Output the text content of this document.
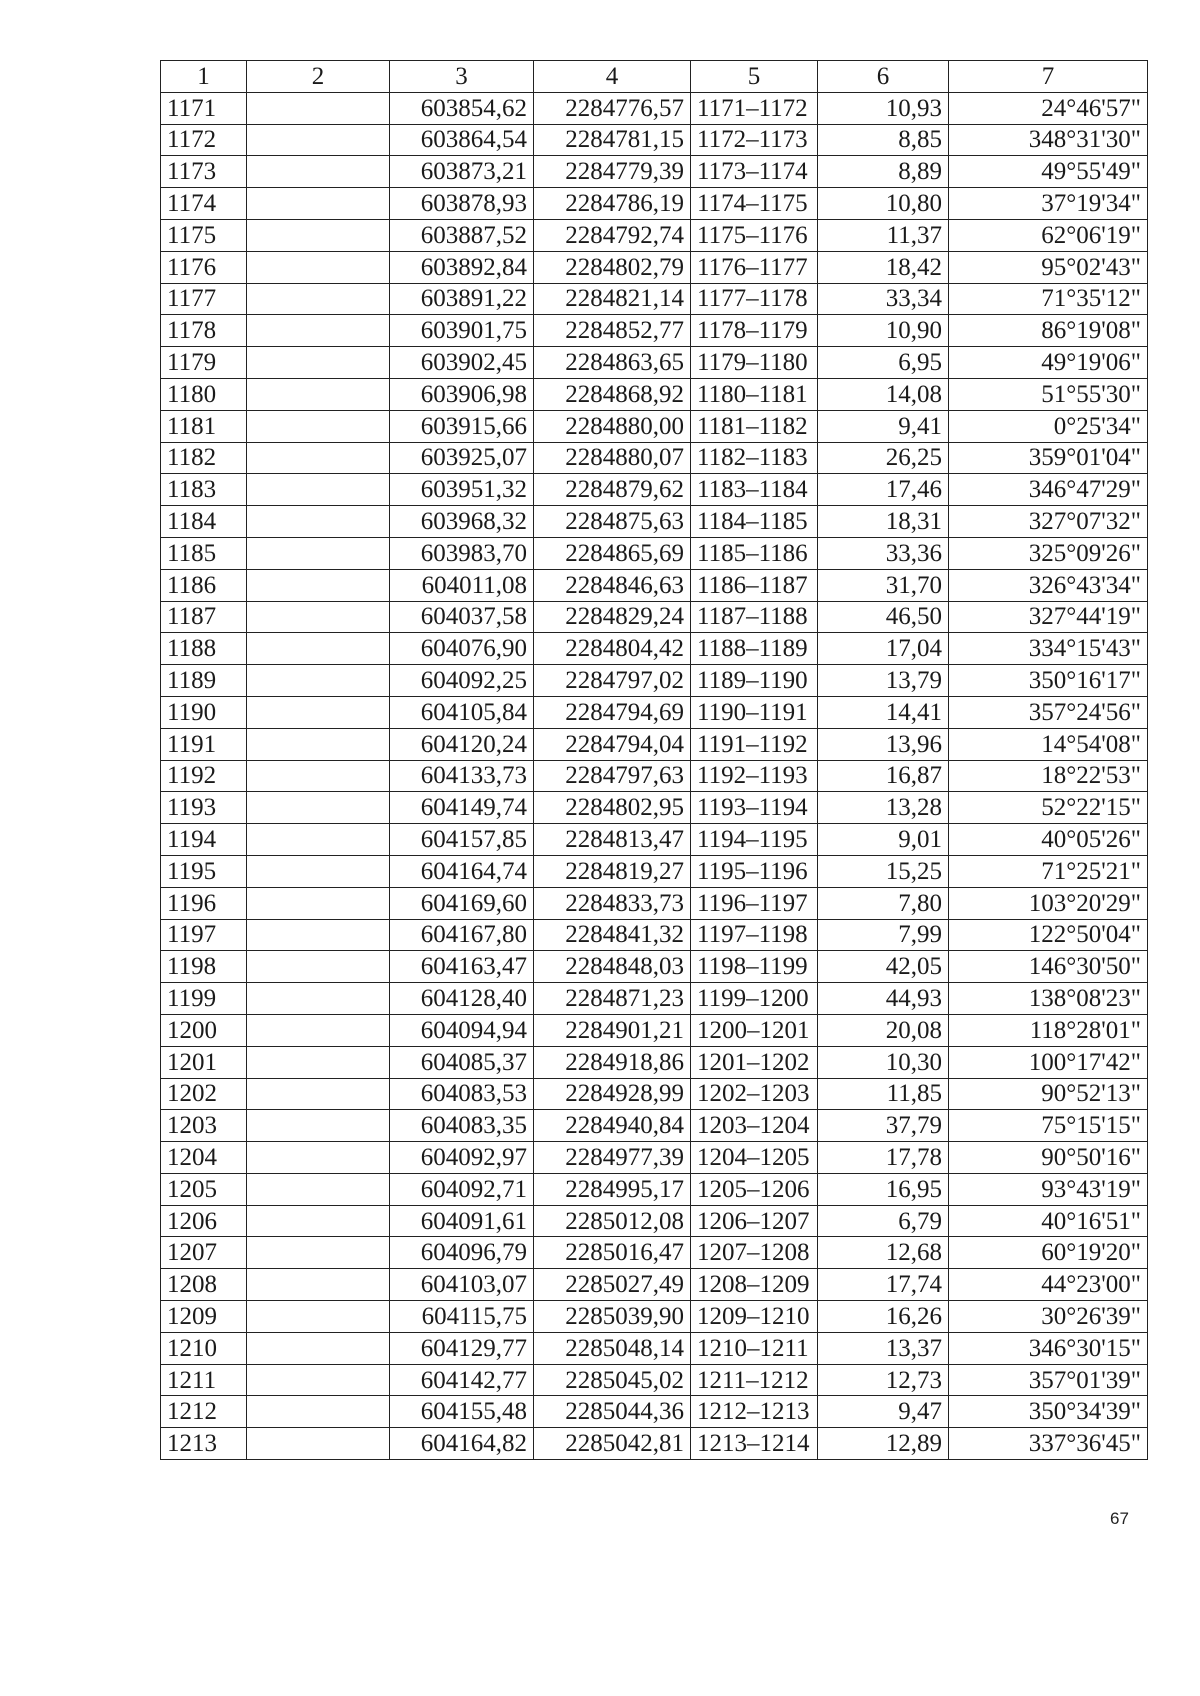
1	2	3	4	5	6	7
1171		603854,62	2284776,57	1171–1172	10,93	24°46'57"
1172		603864,54	2284781,15	1172–1173	8,85	348°31'30"
1173		603873,21	2284779,39	1173–1174	8,89	49°55'49"
1174		603878,93	2284786,19	1174–1175	10,80	37°19'34"
1175		603887,52	2284792,74	1175–1176	11,37	62°06'19"
1176		603892,84	2284802,79	1176–1177	18,42	95°02'43"
1177		603891,22	2284821,14	1177–1178	33,34	71°35'12"
1178		603901,75	2284852,77	1178–1179	10,90	86°19'08"
1179		603902,45	2284863,65	1179–1180	6,95	49°19'06"
1180		603906,98	2284868,92	1180–1181	14,08	51°55'30"
1181		603915,66	2284880,00	1181–1182	9,41	0°25'34"
1182		603925,07	2284880,07	1182–1183	26,25	359°01'04"
1183		603951,32	2284879,62	1183–1184	17,46	346°47'29"
1184		603968,32	2284875,63	1184–1185	18,31	327°07'32"
1185		603983,70	2284865,69	1185–1186	33,36	325°09'26"
1186		604011,08	2284846,63	1186–1187	31,70	326°43'34"
1187		604037,58	2284829,24	1187–1188	46,50	327°44'19"
1188		604076,90	2284804,42	1188–1189	17,04	334°15'43"
1189		604092,25	2284797,02	1189–1190	13,79	350°16'17"
1190		604105,84	2284794,69	1190–1191	14,41	357°24'56"
1191		604120,24	2284794,04	1191–1192	13,96	14°54'08"
1192		604133,73	2284797,63	1192–1193	16,87	18°22'53"
1193		604149,74	2284802,95	1193–1194	13,28	52°22'15"
1194		604157,85	2284813,47	1194–1195	9,01	40°05'26"
1195		604164,74	2284819,27	1195–1196	15,25	71°25'21"
1196		604169,60	2284833,73	1196–1197	7,80	103°20'29"
1197		604167,80	2284841,32	1197–1198	7,99	122°50'04"
1198		604163,47	2284848,03	1198–1199	42,05	146°30'50"
1199		604128,40	2284871,23	1199–1200	44,93	138°08'23"
1200		604094,94	2284901,21	1200–1201	20,08	118°28'01"
1201		604085,37	2284918,86	1201–1202	10,30	100°17'42"
1202		604083,53	2284928,99	1202–1203	11,85	90°52'13"
1203		604083,35	2284940,84	1203–1204	37,79	75°15'15"
1204		604092,97	2284977,39	1204–1205	17,78	90°50'16"
1205		604092,71	2284995,17	1205–1206	16,95	93°43'19"
1206		604091,61	2285012,08	1206–1207	6,79	40°16'51"
1207		604096,79	2285016,47	1207–1208	12,68	60°19'20"
1208		604103,07	2285027,49	1208–1209	17,74	44°23'00"
1209		604115,75	2285039,90	1209–1210	16,26	30°26'39"
1210		604129,77	2285048,14	1210–1211	13,37	346°30'15"
1211		604142,77	2285045,02	1211–1212	12,73	357°01'39"
1212		604155,48	2285044,36	1212–1213	9,47	350°34'39"
1213		604164,82	2285042,81	1213–1214	12,89	337°36'45"
67
